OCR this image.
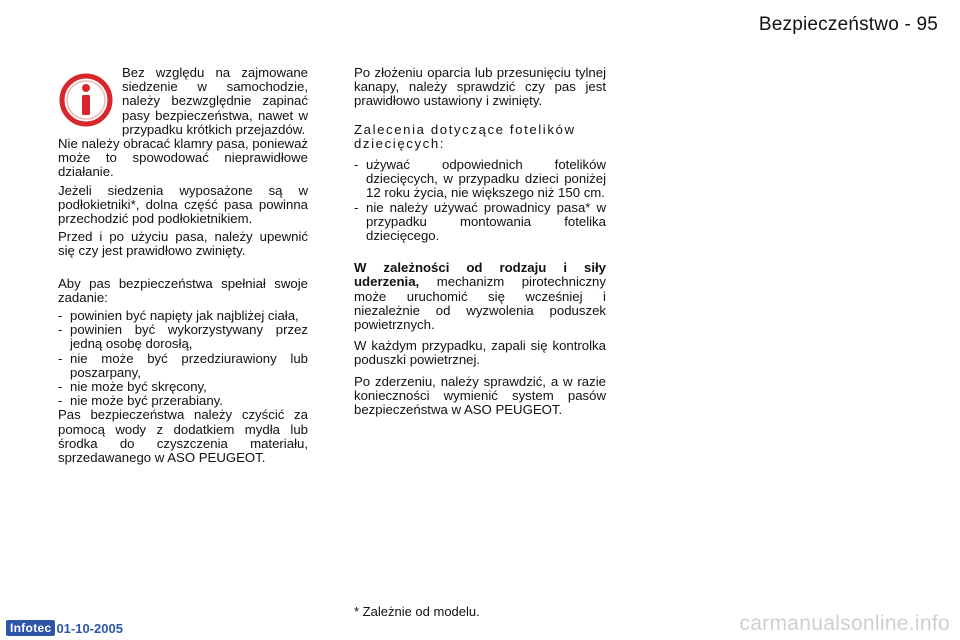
Bezpieczeństwo - 95

Bez względu na zajmowane siedzenie w samochodzie, należy bezwzględnie zapinać pasy bezpieczeństwa, nawet w przypadku krótkich przejazdów.

Nie należy obracać klamry pasa, ponieważ może to spowodować nieprawidłowe działanie.

Jeżeli siedzenia wyposażone są w podłokietniki*, dolna część pasa powinna przechodzić pod podłokietnikiem.

Przed i po użyciu pasa, należy upewnić się czy jest prawidłowo zwinięty.

Aby pas bezpieczeństwa spełniał swoje zadanie:

- powinien być napięty jak najbliżej ciała,
- powinien być wykorzystywany przez jedną osobę dorosłą,
- nie może być przedziurawiony lub poszarpany,
- nie może być skręcony,
- nie może być przerabiany.

Pas bezpieczeństwa należy czyścić za pomocą wody z dodatkiem mydła lub środka do czyszczenia materiału, sprzedawanego w ASO PEUGEOT.

Po złożeniu oparcia lub przesunięciu tylnej kanapy, należy sprawdzić czy pas jest prawidłowo ustawiony i zwinięty.

Zalecenia dotyczące fotelików dziecięcych:

- używać odpowiednich fotelików dziecięcych, w przypadku dzieci poniżej 12 roku życia, nie większego niż 150 cm.
- nie należy używać prowadnicy pasa* w przypadku montowania fotelika dziecięcego.

W zależności od rodzaju i siły uderzenia, mechanizm pirotechniczny może uruchomić się wcześniej i niezależnie od wyzwolenia poduszek powietrznych.

W każdym przypadku, zapali się kontrolka poduszki powietrznej.

Po zderzeniu, należy sprawdzić, a w razie konieczności wymienić system pasów bezpieczeństwa w ASO PEUGEOT.

* Zależnie od modelu.
Infotec 01-10-2005	carmanualsonline.info
